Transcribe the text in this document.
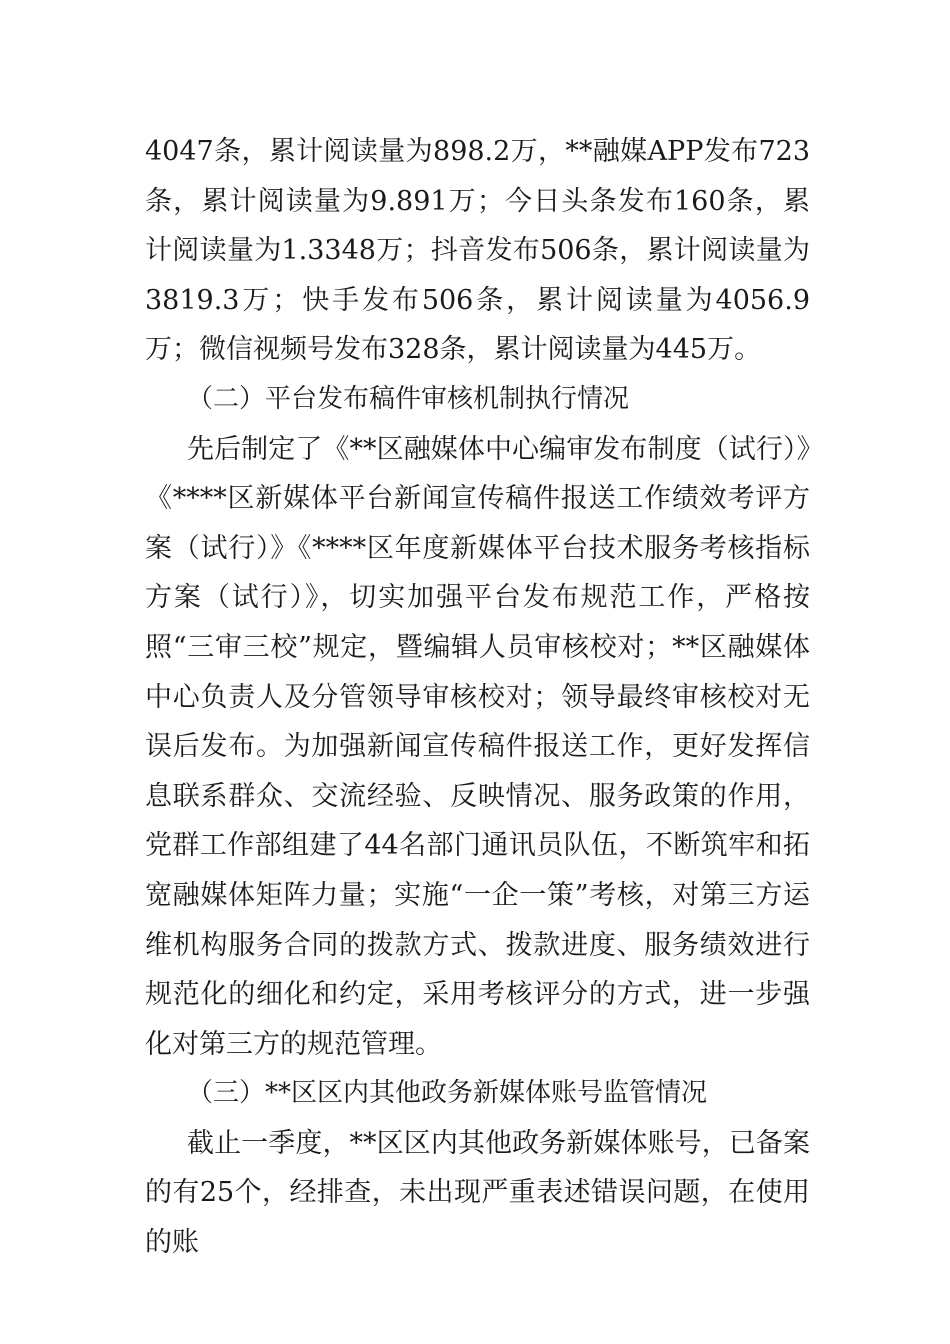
4047条，累计阅读量为898.2万，**融媒APP发布723条，累计阅读量为9.891万；今日头条发布160条，累计阅读量为1.3348万；抖音发布506条，累计阅读量为3819.3万；快手发布506条，累计阅读量为4056.9万；微信视频号发布328条，累计阅读量为445万。

（二）平台发布稿件审核机制执行情况

先后制定了《**区融媒体中心编审发布制度（试行）》《****区新媒体平台新闻宣传稿件报送工作绩效考评方案（试行）》《****区年度新媒体平台技术服务考核指标方案（试行）》，切实加强平台发布规范工作，严格按照“三审三校”规定，暨编辑人员审核校对；**区融媒体中心负责人及分管领导审核校对；领导最终审核校对无误后发布。为加强新闻宣传稿件报送工作，更好发挥信息联系群众、交流经验、反映情况、服务政策的作用，党群工作部组建了44名部门通讯员队伍，不断筑牢和拓宽融媒体矩阵力量；实施“一企一策”考核，对第三方运维机构服务合同的拨款方式、拨款进度、服务绩效进行规范化的细化和约定，采用考核评分的方式，进一步强化对第三方的规范管理。

（三）**区区内其他政务新媒体账号监管情况

截止一季度，**区区内其他政务新媒体账号，已备案的有25个，经排查，未出现严重表述错误问题，在使用的账
